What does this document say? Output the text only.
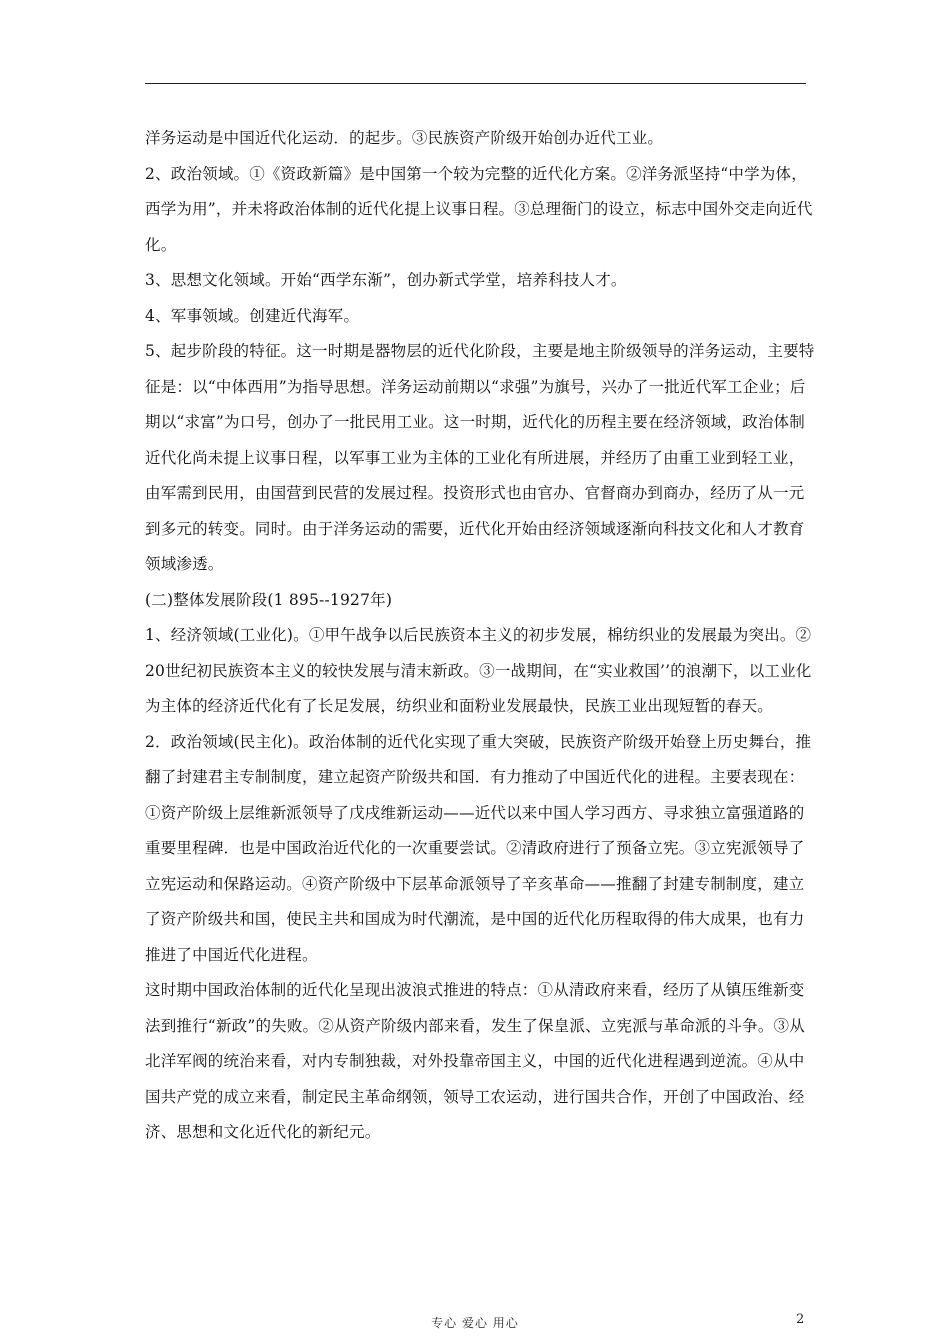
洋务运动是中国近代化运动．的起步。③民族资产阶级开始创办近代工业。

2、政治领域。①《资政新篇》是中国第一个较为完整的近代化方案。②洋务派坚持“中学为体，西学为用”，并未将政治体制的近代化提上议事日程。③总理衙门的设立，标志中国外交走向近代化。

3、思想文化领域。开始“西学东渐”，创办新式学堂，培养科技人才。

4、军事领域。创建近代海军。

5、起步阶段的特征。这一时期是器物层的近代化阶段，主要是地主阶级领导的洋务运动，主要特征是：以“中体西用”为指导思想。洋务运动前期以“求强”为旗号，兴办了一批近代军工企业；后期以“求富”为口号，创办了一批民用工业。这一时期，近代化的历程主要在经济领域，政治体制近代化尚未提上议事日程，以军事工业为主体的工业化有所进展，并经历了由重工业到轻工业，由军需到民用，由国营到民营的发展过程。投资形式也由官办、官督商办到商办，经历了从一元到多元的转变。同时。由于洋务运动的需要，近代化开始由经济领域逐渐向科技文化和人才教育领域渗透。

(二)整体发展阶段(1 895--1927年)

1、经济领域(工业化)。①甲午战争以后民族资本主义的初步发展，棉纺织业的发展最为突出。② 20世纪初民族资本主义的较快发展与清末新政。③一战期间，在“实业救国’’的浪潮下，以工业化为主体的经济近代化有了长足发展，纺织业和面粉业发展最快，民族工业出现短暂的春天。

2．政治领域(民主化)。政治体制的近代化实现了重大突破，民族资产阶级开始登上历史舞台，推翻了封建君主专制制度，建立起资产阶级共和国．有力推动了中国近代化的进程。主要表现在：①资产阶级上层维新派领导了戊戌维新运动——近代以来中国人学习西方、寻求独立富强道路的重要里程碑．也是中国政治近代化的一次重要尝试。②清政府进行了预备立宪。③立宪派领导了立宪运动和保路运动。④资产阶级中下层革命派领导了辛亥革命——推翻了封建专制制度，建立了资产阶级共和国，使民主共和国成为时代潮流，是中国的近代化历程取得的伟大成果，也有力推进了中国近代化进程。

这时期中国政治体制的近代化呈现出波浪式推进的特点：①从清政府来看，经历了从镇压维新变法到推行“新政”的失败。②从资产阶级内部来看，发生了保皇派、立宪派与革命派的斗争。③从北洋军阀的统治来看，对内专制独裁，对外投靠帝国主义，中国的近代化进程遇到逆流。④从中国共产党的成立来看，制定民主革命纲领，领导工农运动，进行国共合作，开创了中国政治、经济、思想和文化近代化的新纪元。

专心 爱心 用心	2
